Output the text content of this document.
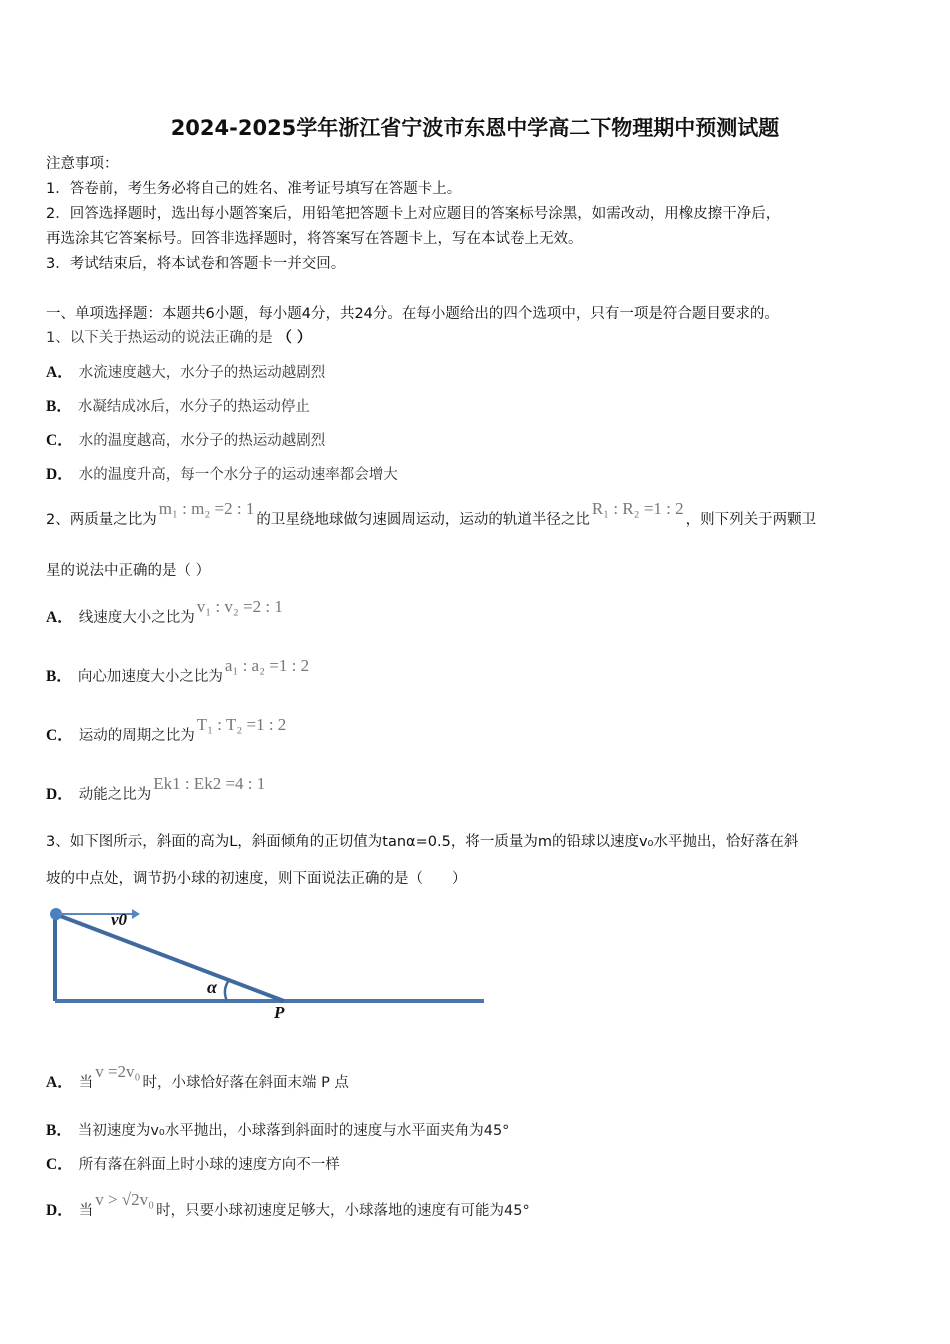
2024-2025学年浙江省宁波市东恩中学高二下物理期中预测试题
注意事项：
1．答卷前，考生务必将自己的姓名、准考证号填写在答题卡上。
2．回答选择题时，选出每小题答案后，用铅笔把答题卡上对应题目的答案标号涂黑，如需改动，用橡皮擦干净后，
再选涂其它答案标号。回答非选择题时，将答案写在答题卡上，写在本试卷上无效。
3．考试结束后，将本试卷和答题卡一并交回。
一、单项选择题：本题共6小题，每小题4分，共24分。在每小题给出的四个选项中，只有一项是符合题目要求的。
1、以下关于热运动的说法正确的是 （ ）
A． 水流速度越大，水分子的热运动越剧烈
B． 水凝结成冰后，水分子的热运动停止
C． 水的温度越高，水分子的热运动越剧烈
D． 水的温度升高，每一个水分子的运动速率都会增大
2、两质量之比为m₁ : m₂ =2 : 1的卫星绕地球做匀速圆周运动，运动的轨道半径之比R₁ : R₂ =1 : 2，则下列关于两颗卫
星的说法中正确的是（ ）
A． 线速度大小之比为v₁ : v₂ =2 : 1
B． 向心加速度大小之比为a₁ : a₂ =1 : 2
C． 运动的周期之比为T₁ : T₂ =1 : 2
D． 动能之比为Ek1 : Ek2 =4 : 1
3、如下图所示，斜面的高为L，斜面倾角的正切值为tanα=0.5，将一质量为m的铅球以速度v₀水平抛出，恰好落在斜
坡的中点处，调节扔小球的初速度，则下面说法正确的是（　　）
v0
α
P
A． 当v =2v₀时，小球恰好落在斜面末端 P 点
B． 当初速度为v₀水平抛出，小球落到斜面时的速度与水平面夹角为45°
C． 所有落在斜面上时小球的速度方向不一样
D． 当v > √2v₀时，只要小球初速度足够大，小球落地的速度有可能为45°
